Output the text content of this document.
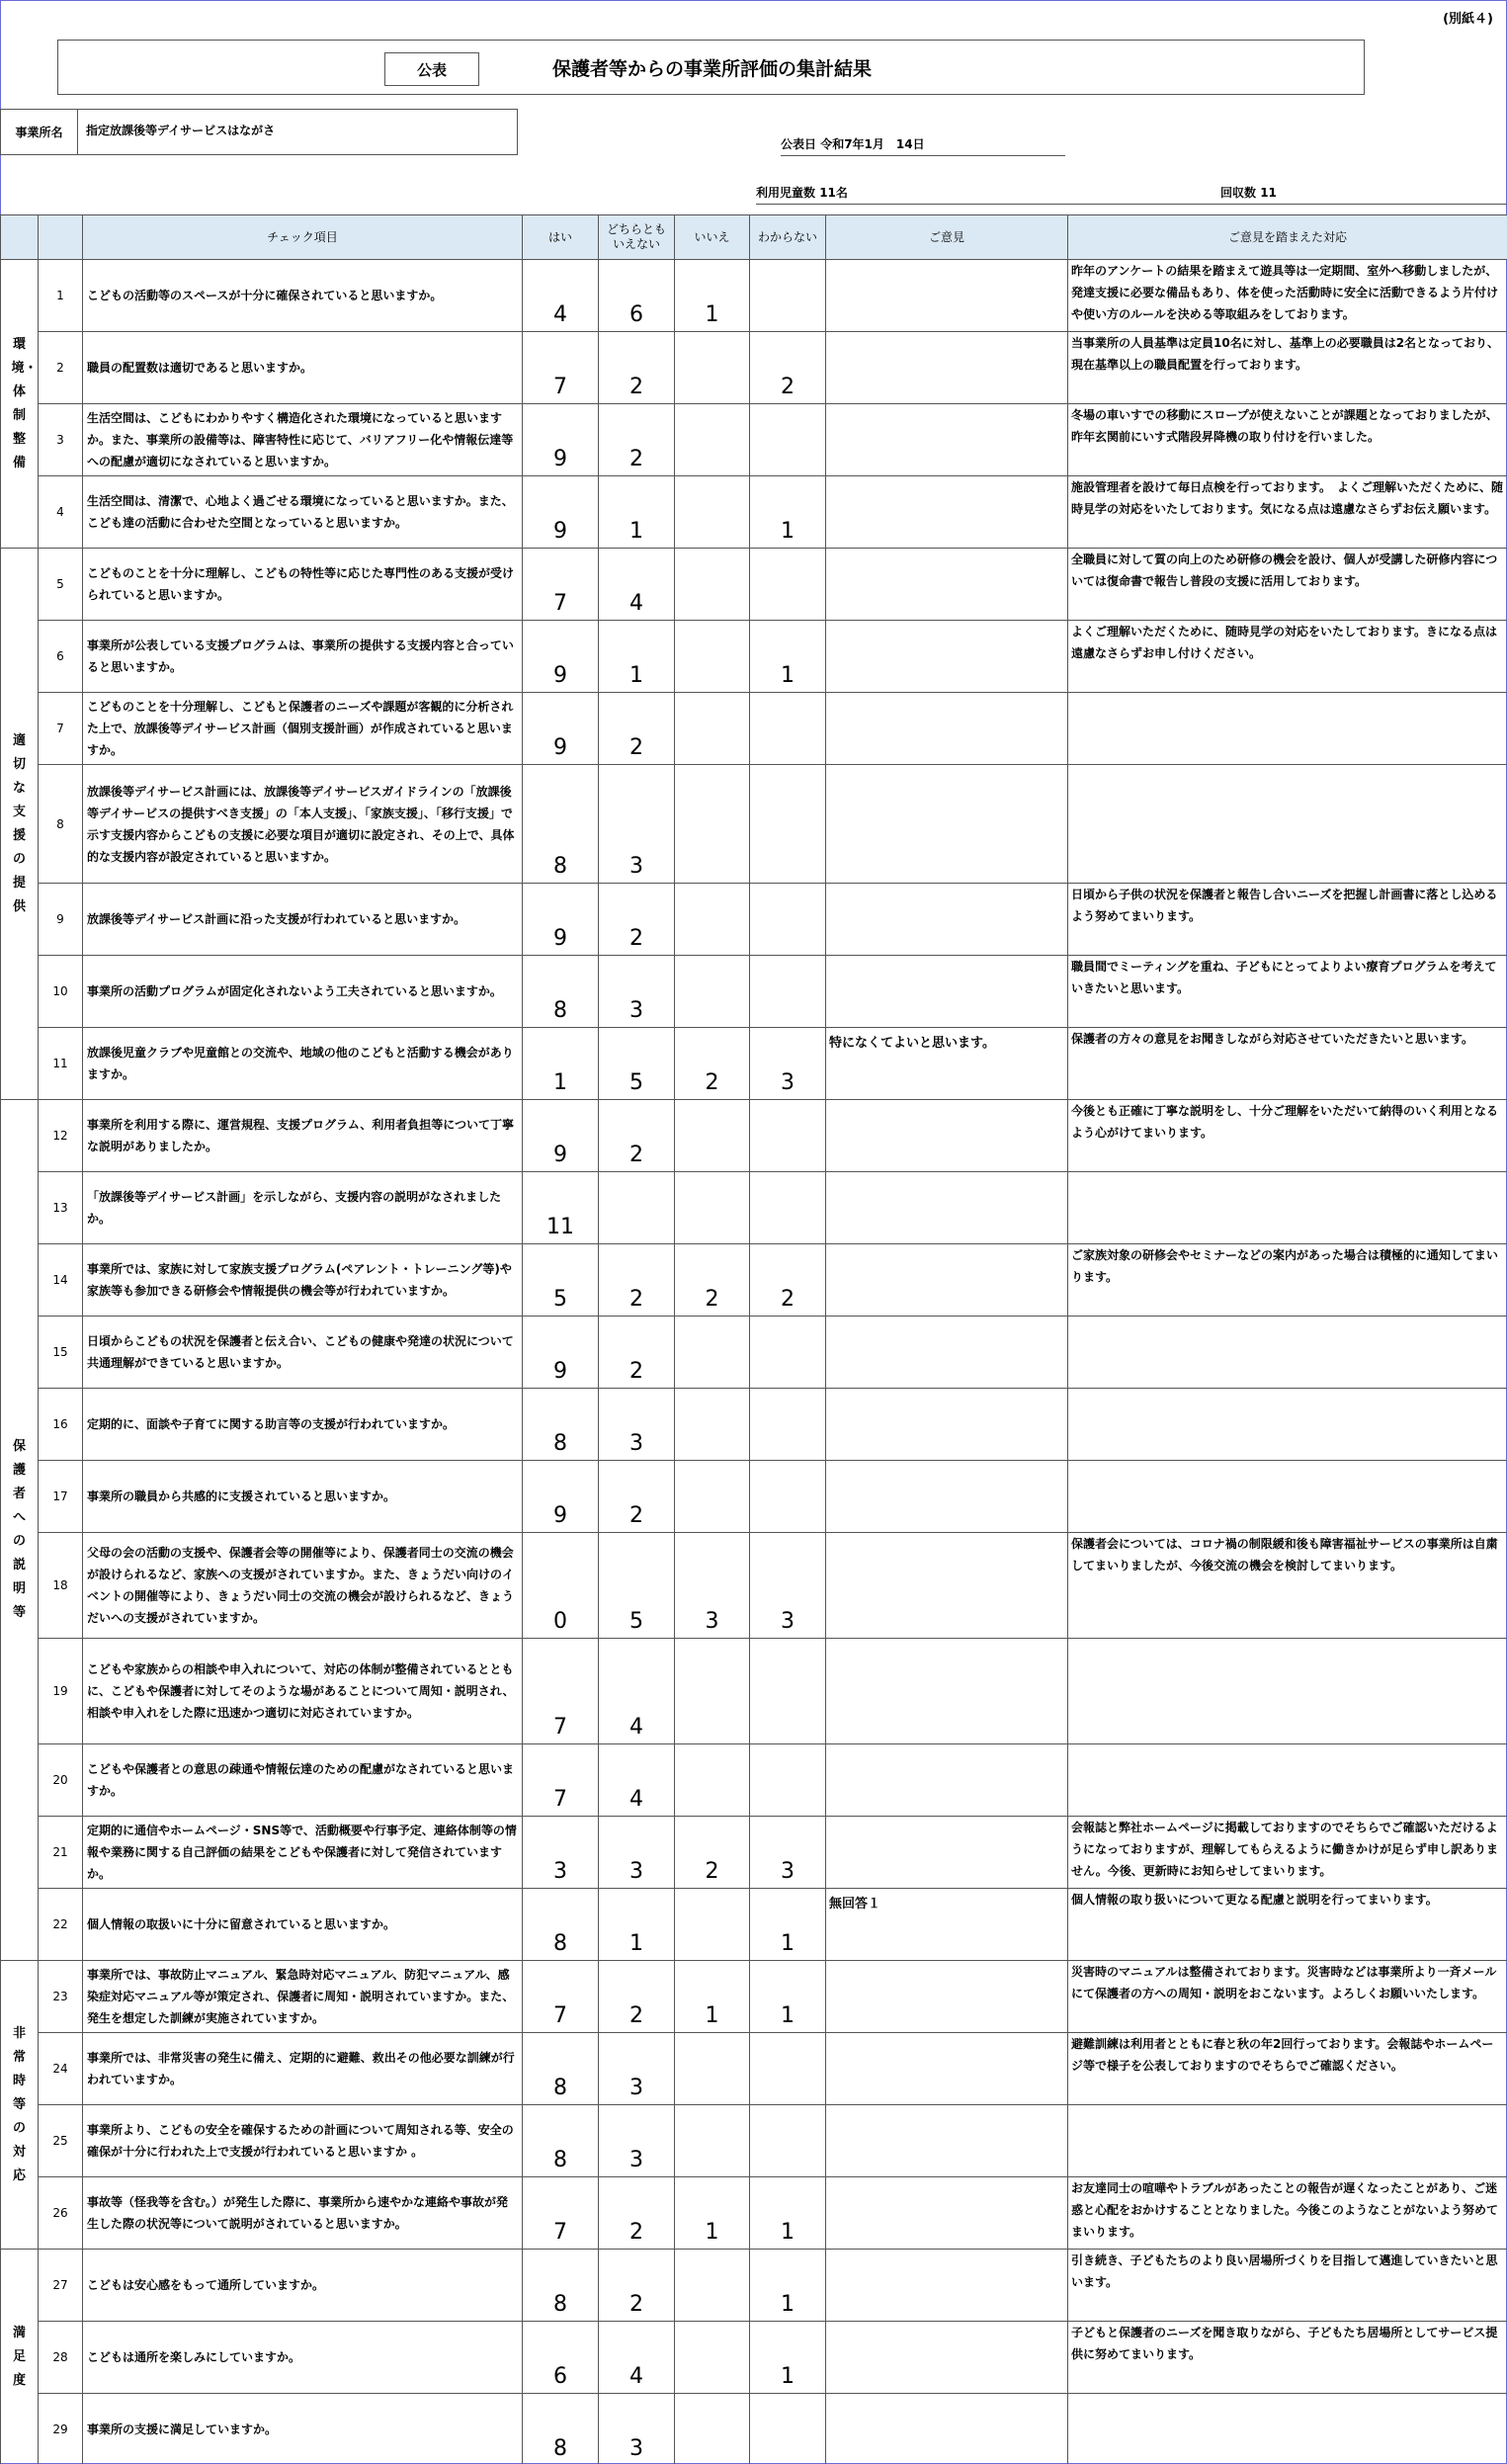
(別紙４)
公表	保護者等からの事業所評価の集計結果
事業所名	指定放課後等デイサービスはながさ
公表日 令和7年1月　14日
利用児童数 11名	回収数 11
		チェック項目	はい	どちらとも
いえない	いいえ	わからない	ご意見	ご意見を踏まえた対応

環境・体制整備	1	こどもの活動等のスペースが十分に確保されていると思いますか。	4	6	1			昨年のアンケートの結果を踏まえて遊具等は一定期間、室外へ移動しましたが、発達支援に必要な備品もあり、体を使った活動時に安全に活動できるよう片付けや使い方のルールを決める等取組みをしております。
	2	職員の配置数は適切であると思いますか。	7	2		2		当事業所の人員基準は定員10名に対し、基準上の必要職員は2名となっており、現在基準以上の職員配置を行っております。
	3	生活空間は、こどもにわかりやすく構造化された環境になっていると思いますか。また、事業所の設備等は、障害特性に応じて、バリアフリー化や情報伝達等への配慮が適切になされていると思いますか。	9	2				冬場の車いすでの移動にスロープが使えないことが課題となっておりましたが、昨年玄関前にいす式階段昇降機の取り付けを行いました。
	4	生活空間は、清潔で、心地よく過ごせる環境になっていると思いますか。また、こども達の活動に合わせた空間となっていると思いますか。	9	1		1		施設管理者を設けて毎日点検を行っております。　よくご理解いただくために、随時見学の対応をいたしております。気になる点は遠慮なさらずお伝え願います。

適切な支援の提供	5	こどものことを十分に理解し、こどもの特性等に応じた専門性のある支援が受けられていると思いますか。	7	4				全職員に対して質の向上のため研修の機会を設け、個人が受講した研修内容については復命書で報告し普段の支援に活用しております。
	6	事業所が公表している支援プログラムは、事業所の提供する支援内容と合っていると思いますか。	9	1		1		よくご理解いただくために、随時見学の対応をいたしております。きになる点は遠慮なさらずお申し付けください。
	7	こどものことを十分理解し、こどもと保護者のニーズや課題が客観的に分析された上で、放課後等デイサービス計画（個別支援計画）が作成されていると思いますか。	9	2				
	8	放課後等デイサービス計画には、放課後等デイサービスガイドラインの「放課後等デイサービスの提供すべき支援」の「本人支援」、「家族支援」、「移行支援」で示す支援内容からこどもの支援に必要な項目が適切に設定され、その上で、具体的な支援内容が設定されていると思いますか。	8	3				
	9	放課後等デイサービス計画に沿った支援が行われていると思いますか。	9	2				日頃から子供の状況を保護者と報告し合いニーズを把握し計画書に落とし込めるよう努めてまいります。
	10	事業所の活動プログラムが固定化されないよう工夫されていると思いますか。	8	3				職員間でミーティングを重ね、子どもにとってよりよい療育プログラムを考えていきたいと思います。
	11	放課後児童クラブや児童館との交流や、地域の他のこどもと活動する機会がありますか。	1	5	2	3	特になくてよいと思います。	保護者の方々の意見をお聞きしながら対応させていただきたいと思います。

保護者への説明等	12	事業所を利用する際に、運営規程、支援プログラム、利用者負担等について丁寧な説明がありましたか。	9	2				今後とも正確に丁寧な説明をし、十分ご理解をいただいて納得のいく利用となるよう心がけてまいります。
	13	「放課後等デイサービス計画」を示しながら、支援内容の説明がなされましたか。	11					
	14	事業所では、家族に対して家族支援プログラム(ペアレント・トレーニング等)や家族等も参加できる研修会や情報提供の機会等が行われていますか。	5	2	2	2		ご家族対象の研修会やセミナーなどの案内があった場合は積極的に通知してまいります。
	15	日頃からこどもの状況を保護者と伝え合い、こどもの健康や発達の状況について共通理解ができていると思いますか。	9	2				
	16	定期的に、面談や子育てに関する助言等の支援が行われていますか。	8	3				
	17	事業所の職員から共感的に支援されていると思いますか。	9	2				
	18	父母の会の活動の支援や、保護者会等の開催等により、保護者同士の交流の機会が設けられるなど、家族への支援がされていますか。また、きょうだい向けのイベントの開催等により、きょうだい同士の交流の機会が設けられるなど、きょうだいへの支援がされていますか。	0	5	3	3		保護者会については、コロナ禍の制限緩和後も障害福祉サービスの事業所は自粛してまいりましたが、今後交流の機会を検討してまいります。
	19	こどもや家族からの相談や申入れについて、対応の体制が整備されているとともに、こどもや保護者に対してそのような場があることについて周知・説明され、相談や申入れをした際に迅速かつ適切に対応されていますか。	7	4				
	20	こどもや保護者との意思の疎通や情報伝達のための配慮がなされていると思いますか。	7	4				
	21	定期的に通信やホームページ・SNS等で、活動概要や行事予定、連絡体制等の情報や業務に関する自己評価の結果をこどもや保護者に対して発信されていますか。	3	3	2	3		会報誌と弊社ホームページに掲載しておりますのでそちらでご確認いただけるようになっておりますが、理解してもらえるように働きかけが足らず申し訳ありません。今後、更新時にお知らせしてまいります。
	22	個人情報の取扱いに十分に留意されていると思いますか。	8	1		1	無回答１	個人情報の取り扱いについて更なる配慮と説明を行ってまいります。

非常時等の対応	23	事業所では、事故防止マニュアル、緊急時対応マニュアル、防犯マニュアル、感染症対応マニュアル等が策定され、保護者に周知・説明されていますか。また、発生を想定した訓練が実施されていますか。	7	2	1	1		災害時のマニュアルは整備されております。災害時などは事業所より一斉メールにて保護者の方への周知・説明をおこないます。よろしくお願いいたします。
	24	事業所では、非常災害の発生に備え、定期的に避難、救出その他必要な訓練が行われていますか。	8	3				避難訓練は利用者とともに春と秋の年2回行っております。会報誌やホームページ等で様子を公表しておりますのでそちらでご確認ください。
	25	事業所より、こどもの安全を確保するための計画について周知される等、安全の確保が十分に行われた上で支援が行われていると思いますか 。	8	3				
	26	事故等（怪我等を含む。）が発生した際に、事業所から速やかな連絡や事故が発生した際の状況等について説明がされていると思いますか。	7	2	1	1		お友達同士の喧嘩やトラブルがあったことの報告が遅くなったことがあり、ご迷惑と心配をおかけすることとなりました。今後このようなことがないよう努めてまいります。

満足度	27	こどもは安心感をもって通所していますか。	8	2		1		引き続き、子どもたちのより良い居場所づくりを目指して邁進していきたいと思います。
	28	こどもは通所を楽しみにしていますか。	6	4		1		子どもと保護者のニーズを聞き取りながら、子どもたち居場所としてサービス提供に努めてまいります。
	29	事業所の支援に満足していますか。	8	3				
